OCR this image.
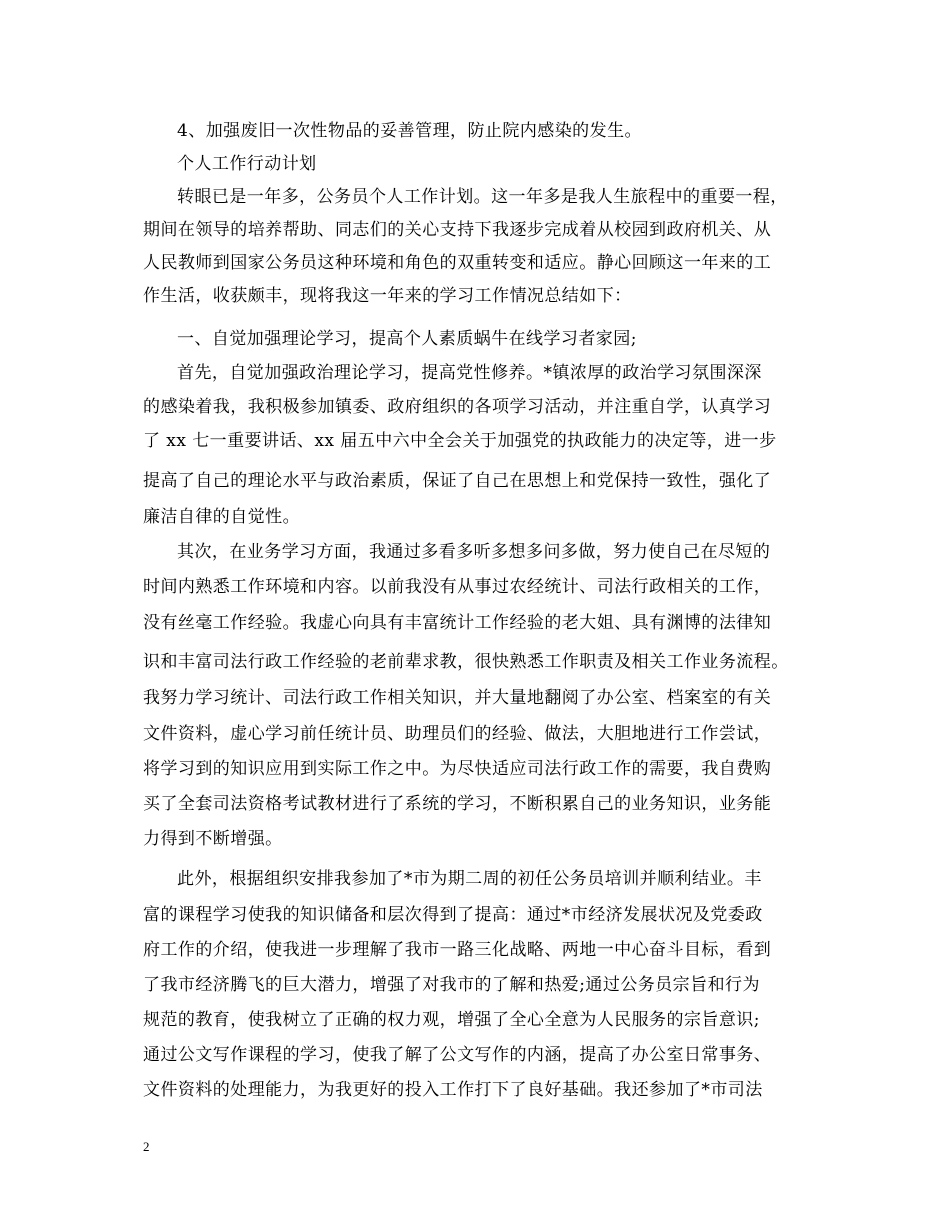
4、加强废旧一次性物品的妥善管理，防止院内感染的发生。

个人工作行动计划

转眼已是一年多，公务员个人工作计划。这一年多是我人生旅程中的重要一程，

期间在领导的培养帮助、同志们的关心支持下我逐步完成着从校园到政府机关、从

人民教师到国家公务员这种环境和角色的双重转变和适应。静心回顾这一年来的工

作生活，收获颇丰，现将我这一年来的学习工作情况总结如下：

一、自觉加强理论学习，提高个人素质蜗牛在线学习者家园;

首先，自觉加强政治理论学习，提高党性修养。*镇浓厚的政治学习氛围深深

的感染着我，我积极参加镇委、政府组织的各项学习活动，并注重自学，认真学习

了 xx 七一重要讲话、xx 届五中六中全会关于加强党的执政能力的决定等，进一步

提高了自己的理论水平与政治素质，保证了自己在思想上和党保持一致性，强化了

廉洁自律的自觉性。

其次，在业务学习方面，我通过多看多听多想多问多做，努力使自己在尽短的

时间内熟悉工作环境和内容。以前我没有从事过农经统计、司法行政相关的工作，

没有丝毫工作经验。我虚心向具有丰富统计工作经验的老大姐、具有渊博的法律知

识和丰富司法行政工作经验的老前辈求教，很快熟悉工作职责及相关工作业务流程。

我努力学习统计、司法行政工作相关知识，并大量地翻阅了办公室、档案室的有关

文件资料，虚心学习前任统计员、助理员们的经验、做法，大胆地进行工作尝试，

将学习到的知识应用到实际工作之中。为尽快适应司法行政工作的需要，我自费购

买了全套司法资格考试教材进行了系统的学习，不断积累自己的业务知识，业务能

力得到不断增强。

此外，根据组织安排我参加了*市为期二周的初任公务员培训并顺利结业。丰

富的课程学习使我的知识储备和层次得到了提高：通过*市经济发展状况及党委政

府工作的介绍，使我进一步理解了我市一路三化战略、两地一中心奋斗目标，看到

了我市经济腾飞的巨大潜力，增强了对我市的了解和热爱;通过公务员宗旨和行为

规范的教育，使我树立了正确的权力观，增强了全心全意为人民服务的宗旨意识;

通过公文写作课程的学习，使我了解了公文写作的内涵，提高了办公室日常事务、

文件资料的处理能力，为我更好的投入工作打下了良好基础。我还参加了*市司法

2
